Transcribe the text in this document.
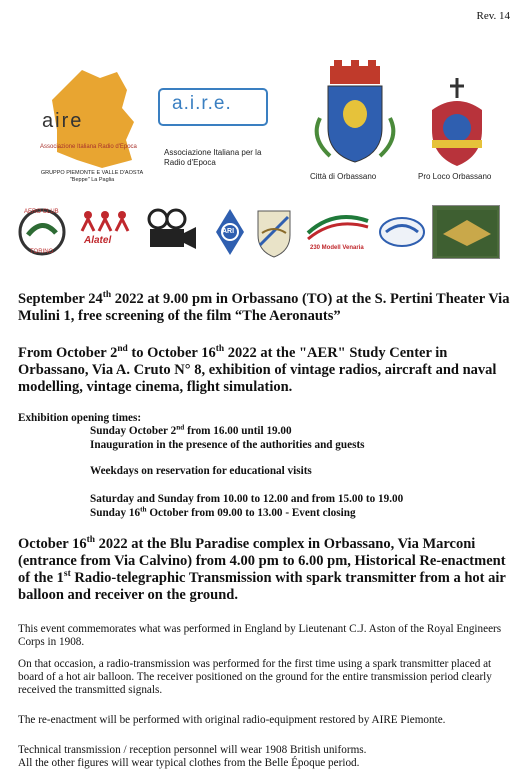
Rev. 14
aire
Associazione Italiana Radio d'Epoca
GRUPPO PIEMONTE E VALLE D'AOSTA
"Beppe" La Paglia
a.i.r.e.
Associazione Italiana per la
Radio d'Epoca
Città di Orbassano	Pro Loco Orbassano
AERO CLUB
TORINO
Alatel
ARI
230 Modell Venaria
September 24th 2022 at 9.00 pm in Orbassano (TO) at the S. Pertini Theater Via Mulini 1, free screening of the film “The Aeronauts”
From October 2nd to October 16th 2022 at the "AER" Study Center in Orbassano, Via A. Cruto N° 8, exhibition of vintage radios, aircraft and naval modelling, vintage cinema, flight simulation.
Exhibition opening times:
Sunday October 2nd from 16.00 until 19.00
Inauguration in the presence of the authorities and guests
Weekdays on reservation for educational visits
Saturday and Sunday from 10.00 to 12.00 and from 15.00 to 19.00
Sunday 16th October from 09.00 to 13.00 - Event closing
October 16th 2022 at the Blu Paradise complex in Orbassano, Via Marconi (entrance from Via Calvino) from 4.00 pm to 6.00 pm, Historical Re-enactment of the 1st Radio-telegraphic Transmission with spark transmitter from a hot air balloon and receiver on the ground.
This event commemorates what was performed in England by Lieutenant C.J. Aston of the Royal Engineers Corps in 1908.
On that occasion, a radio-transmission was performed for the first time using a spark transmitter placed at board of a hot air balloon. The receiver positioned on the ground for the entire transmission period clearly received the transmitted signals.
The re-enactment will be performed with original radio-equipment restored by AIRE Piemonte.
Technical transmission / reception personnel will wear 1908 British uniforms.
All the other figures will wear typical clothes from the Belle Époque period.
